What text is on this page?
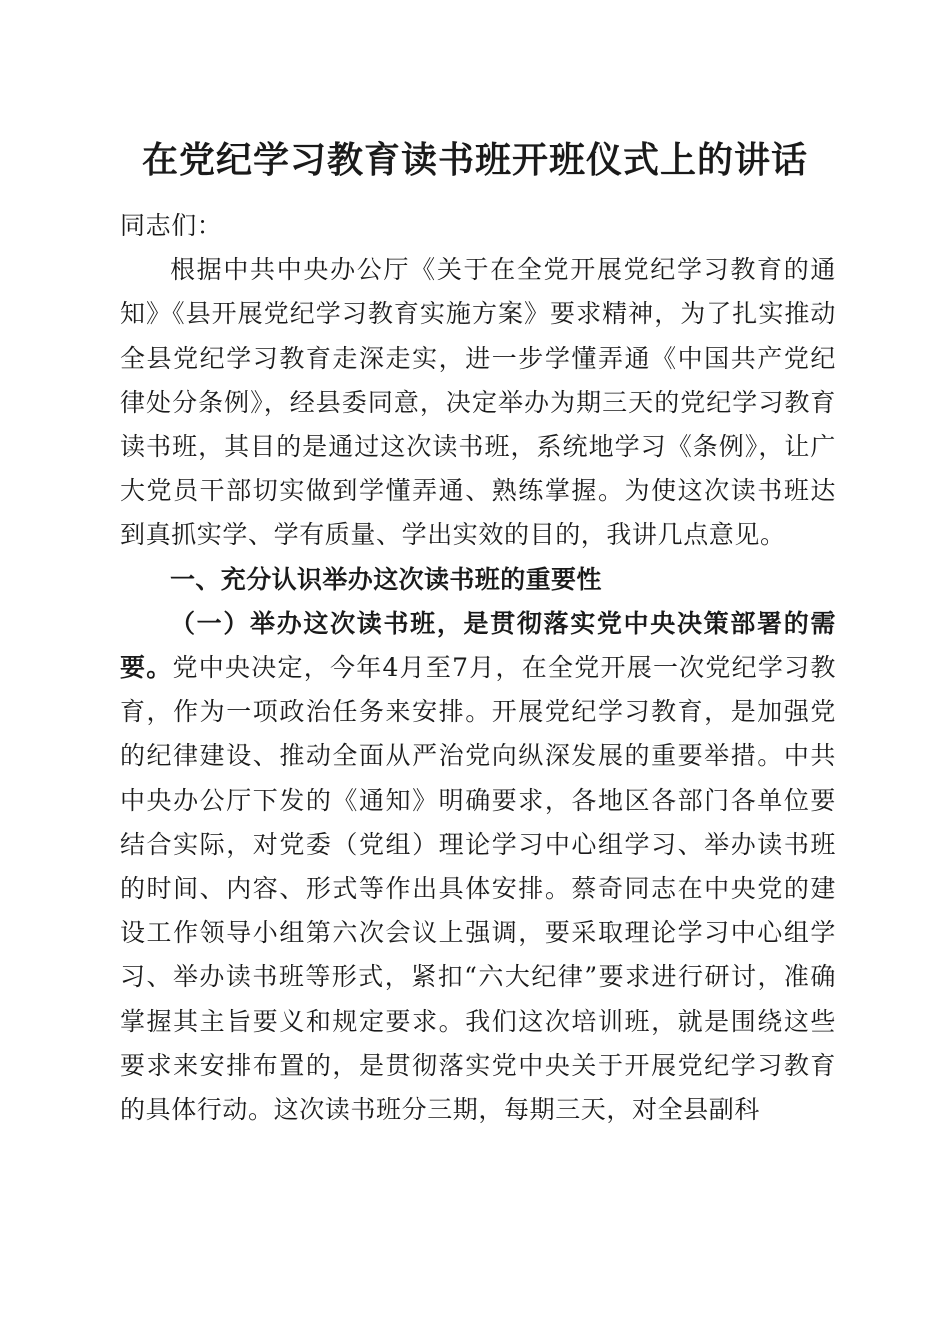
在党纪学习教育读书班开班仪式上的讲话

同志们：

根据中共中央办公厅《关于在全党开展党纪学习教育的通知》《县开展党纪学习教育实施方案》要求精神，为了扎实推动全县党纪学习教育走深走实，进一步学懂弄通《中国共产党纪律处分条例》，经县委同意，决定举办为期三天的党纪学习教育读书班，其目的是通过这次读书班，系统地学习《条例》，让广大党员干部切实做到学懂弄通、熟练掌握。为使这次读书班达到真抓实学、学有质量、学出实效的目的，我讲几点意见。

一、充分认识举办这次读书班的重要性

（一）举办这次读书班，是贯彻落实党中央决策部署的需要。党中央决定，今年4月至7月，在全党开展一次党纪学习教育，作为一项政治任务来安排。开展党纪学习教育，是加强党的纪律建设、推动全面从严治党向纵深发展的重要举措。中共中央办公厅下发的《通知》明确要求，各地区各部门各单位要结合实际，对党委（党组）理论学习中心组学习、举办读书班的时间、内容、形式等作出具体安排。蔡奇同志在中央党的建设工作领导小组第六次会议上强调，要采取理论学习中心组学习、举办读书班等形式，紧扣“六大纪律”要求进行研讨，准确掌握其主旨要义和规定要求。我们这次培训班，就是围绕这些要求来安排布置的，是贯彻落实党中央关于开展党纪学习教育的具体行动。这次读书班分三期，每期三天，对全县副科
